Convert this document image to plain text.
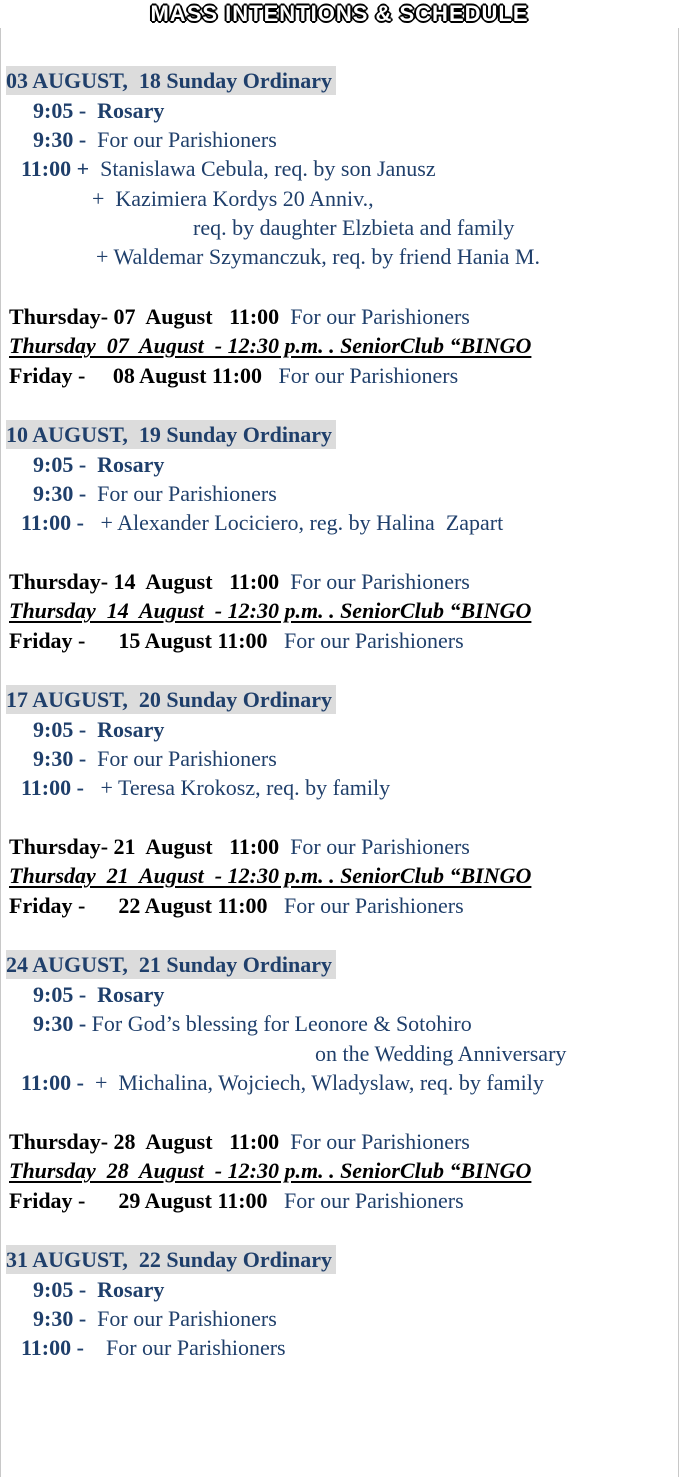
MASS INTENTIONS & SCHEDULE
03 AUGUST,  18 Sunday Ordinary
9:05 - Rosary
9:30 - For our Parishioners
11:00 + Stanislawa Cebula, req. by son Janusz
+  Kazimiera Kordys 20 Anniv.,
req. by daughter Elzbieta and family
+ Waldemar Szymanczuk, req. by friend Hania M.
Thursday- 07  August   11:00 For our Parishioners
Thursday  07  August  - 12:30 p.m. . SeniorClub “BINGO
Friday - 08 August 11:00 For our Parishioners
10 AUGUST,  19 Sunday Ordinary
9:05 - Rosary
9:30 - For our Parishioners
11:00 - + Alexander Lociciero, reg. by Halina  Zapart
Thursday- 14  August   11:00 For our Parishioners
Thursday  14  August  - 12:30 p.m. . SeniorClub “BINGO
Friday - 15 August 11:00 For our Parishioners
17 AUGUST,  20 Sunday Ordinary
9:05 - Rosary
9:30 - For our Parishioners
11:00 - + Teresa Krokosz, req. by family
Thursday- 21  August   11:00 For our Parishioners
Thursday  21  August  - 12:30 p.m. . SeniorClub “BINGO
Friday - 22 August 11:00 For our Parishioners
24 AUGUST,  21 Sunday Ordinary
9:05 - Rosary
9:30 - For God’s blessing for Leonore & Sotohiro
on the Wedding Anniversary
11:00 - +  Michalina, Wojciech, Wladyslaw, req. by family
Thursday- 28  August   11:00 For our Parishioners
Thursday  28  August  - 12:30 p.m. . SeniorClub “BINGO
Friday - 29 August 11:00 For our Parishioners
31 AUGUST,  22 Sunday Ordinary
9:05 - Rosary
9:30 - For our Parishioners
11:00 - For our Parishioners
